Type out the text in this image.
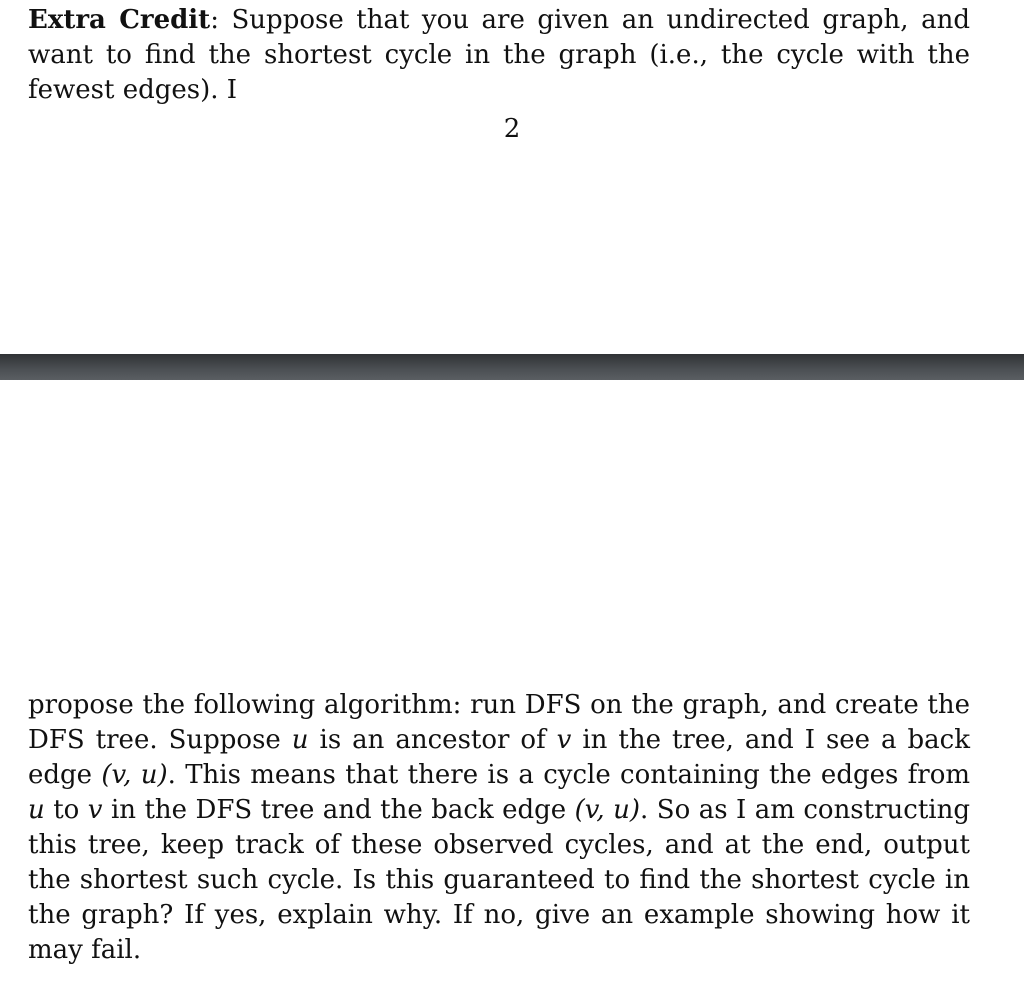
Extra Credit: Suppose that you are given an undirected graph, and want to find the shortest cycle in the graph (i.e., the cycle with the fewest edges). I

2

propose the following algorithm: run DFS on the graph, and create the DFS tree. Suppose u is an ancestor of v in the tree, and I see a back edge (v, u). This means that there is a cycle containing the edges from u to v in the DFS tree and the back edge (v, u). So as I am constructing this tree, keep track of these observed cycles, and at the end, output the shortest such cycle. Is this guaranteed to find the shortest cycle in the graph? If yes, explain why. If no, give an example showing how it may fail.
